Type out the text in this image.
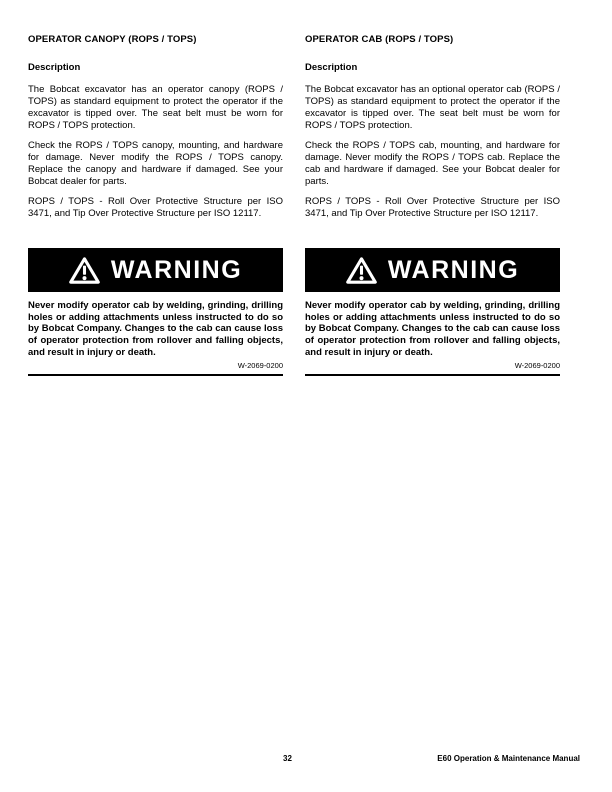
OPERATOR CANOPY (ROPS / TOPS)
Description

The Bobcat excavator has an operator canopy (ROPS / TOPS) as standard equipment to protect the operator if the excavator is tipped over. The seat belt must be worn for ROPS / TOPS protection.

Check the ROPS / TOPS canopy, mounting, and hardware for damage. Never modify the ROPS / TOPS canopy. Replace the canopy and hardware if damaged. See your Bobcat dealer for parts.

ROPS / TOPS - Roll Over Protective Structure per ISO 3471, and Tip Over Protective Structure per ISO 12117.

WARNING

Never modify operator cab by welding, grinding, drilling holes or adding attachments unless instructed to do so by Bobcat Company. Changes to the cab can cause loss of operator protection from rollover and falling objects, and result in injury or death.

W-2069-0200
OPERATOR CAB (ROPS / TOPS)
Description

The Bobcat excavator has an optional operator cab (ROPS / TOPS) as standard equipment to protect the operator if the excavator is tipped over. The seat belt must be worn for ROPS / TOPS protection.

Check the ROPS / TOPS cab, mounting, and hardware for damage. Never modify the ROPS / TOPS cab. Replace the cab and hardware if damaged. See your Bobcat dealer for parts.

ROPS / TOPS - Roll Over Protective Structure per ISO 3471, and Tip Over Protective Structure per ISO 12117.

WARNING

Never modify operator cab by welding, grinding, drilling holes or adding attachments unless instructed to do so by Bobcat Company. Changes to the cab can cause loss of operator protection from rollover and falling objects, and result in injury or death.

W-2069-0200
32	E60 Operation & Maintenance Manual
